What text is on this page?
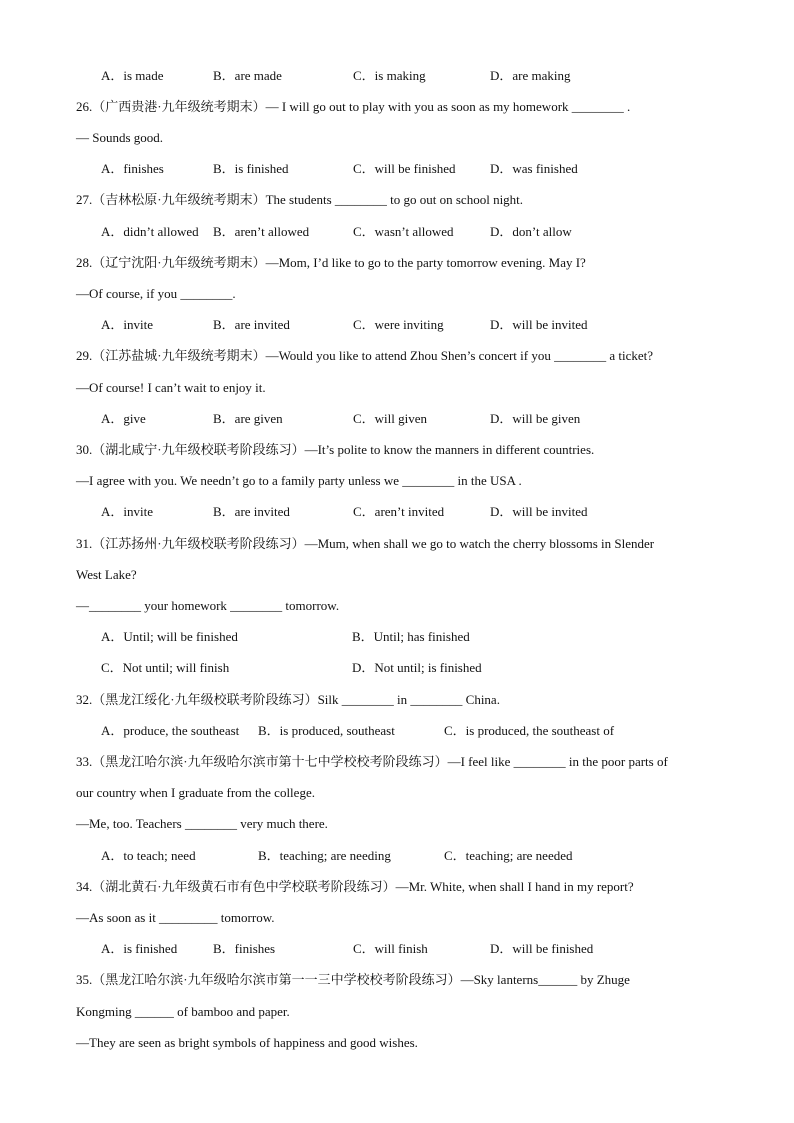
A．is made	B．are made	C．is making	D．are making
26.（广西贵港·九年级统考期末）— I will go out to play with you as soon as my homework ________ .
— Sounds good.
A．finishes	B．is finished	C．will be finished	D．was finished
27.（吉林松原·九年级统考期末）The students ________ to go out on school night.
A．didn’t allowed B．aren’t allowed	C．wasn’t allowed	D．don’t allow
28.（辽宁沈阳·九年级统考期末）—Mom, I’d like to go to the party tomorrow evening. May I?
—Of course, if you ________.
A．invite	B．are invited	C．were inviting	D．will be invited
29.（江苏盐城·九年级统考期末）—Would you like to attend Zhou Shen’s concert if you ________ a ticket?
—Of course! I can’t wait to enjoy it.
A．give	B．are given	C．will given	D．will be given
30.（湖北咸宁·九年级校联考阶段练习）—It’s polite to know the manners in different countries.
—I agree with you. We needn’t go to a family party unless we ________ in the USA .
A．invite	B．are invited	C．aren’t invited	D．will be invited
31.（江苏扬州·九年级校联考阶段练习）—Mum, when shall we go to watch the cherry blossoms in Slender
West Lake?
—________ your homework ________ tomorrow.
A．Until; will be finished	B．Until; has finished
C．Not until; will finish	D．Not until; is finished
32.（黑龙江绥化·九年级校联考阶段练习）Silk ________ in ________ China.
A．produce, the southeast B．is produced, southeast	C．is produced, the southeast of
33.（黑龙江哈尔滨·九年级哈尔滨市第十七中学校校考阶段练习）—I feel like ________ in the poor parts of
our country when I graduate from the college.
—Me, too. Teachers ________ very much there.
A．to teach; need	B．teaching; are needing	C．teaching; are needed
34.（湖北黄石·九年级黄石市有色中学校联考阶段练习）—Mr. White, when shall I hand in my report?
—As soon as it _________ tomorrow.
A．is finished	B．finishes	C．will finish	D．will be finished
35.（黑龙江哈尔滨·九年级哈尔滨市第一一三中学校校考阶段练习）—Sky lanterns______ by Zhuge
Kongming ______ of bamboo and paper.
—They are seen as bright symbols of happiness and good wishes.
